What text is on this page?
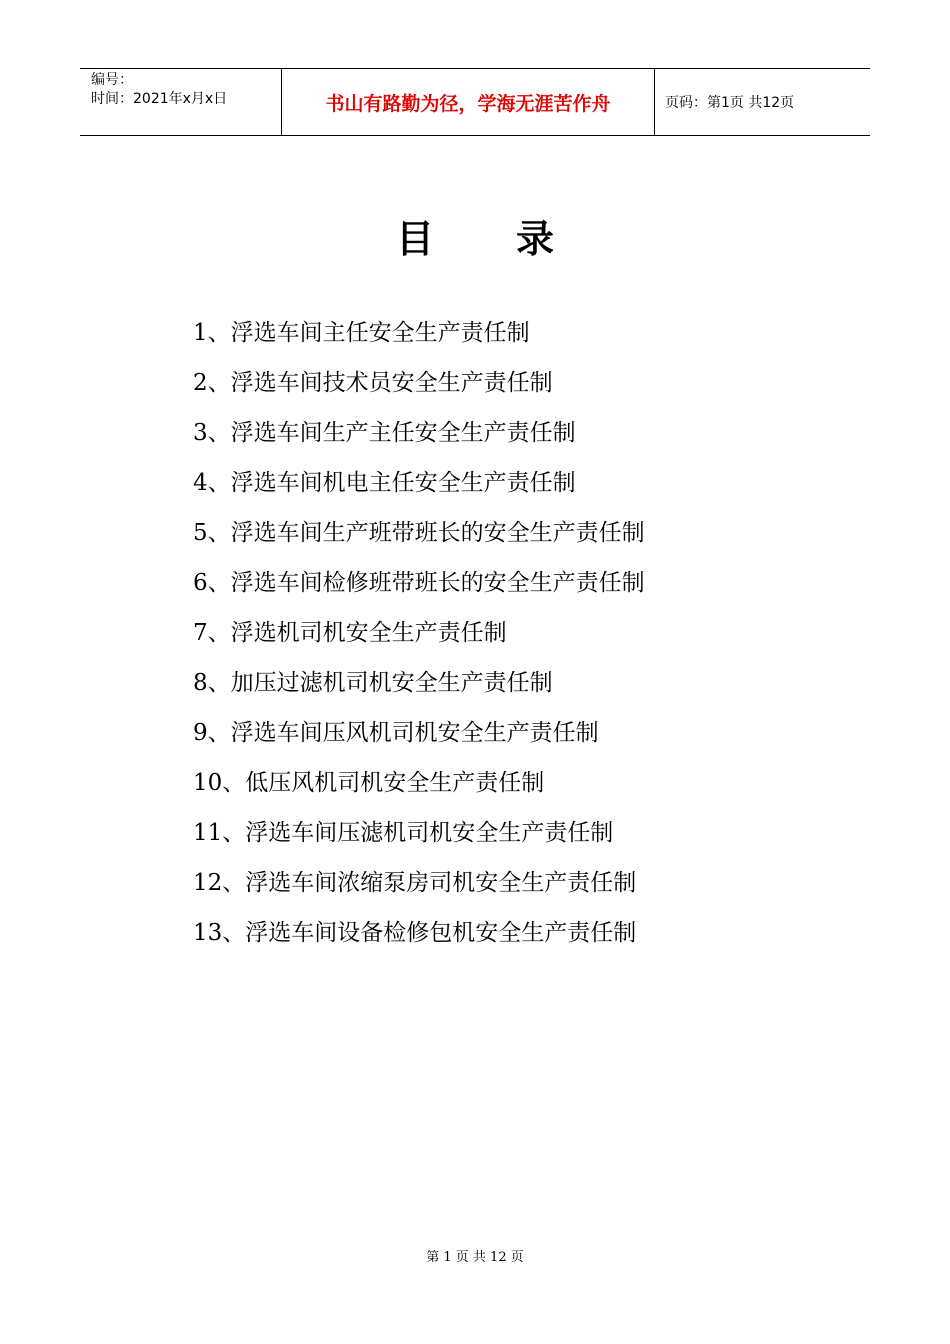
编号：
时间：2021年x月x日	书山有路勤为径，学海无涯苦作舟	页码：第1页 共12页
目 录
1、浮选车间主任安全生产责任制
2、浮选车间技术员安全生产责任制
3、浮选车间生产主任安全生产责任制
4、浮选车间机电主任安全生产责任制
5、浮选车间生产班带班长的安全生产责任制
6、浮选车间检修班带班长的安全生产责任制
7、浮选机司机安全生产责任制
8、加压过滤机司机安全生产责任制
9、浮选车间压风机司机安全生产责任制
10、低压风机司机安全生产责任制
11、浮选车间压滤机司机安全生产责任制
12、浮选车间浓缩泵房司机安全生产责任制
13、浮选车间设备检修包机安全生产责任制
第 1 页 共 12 页
